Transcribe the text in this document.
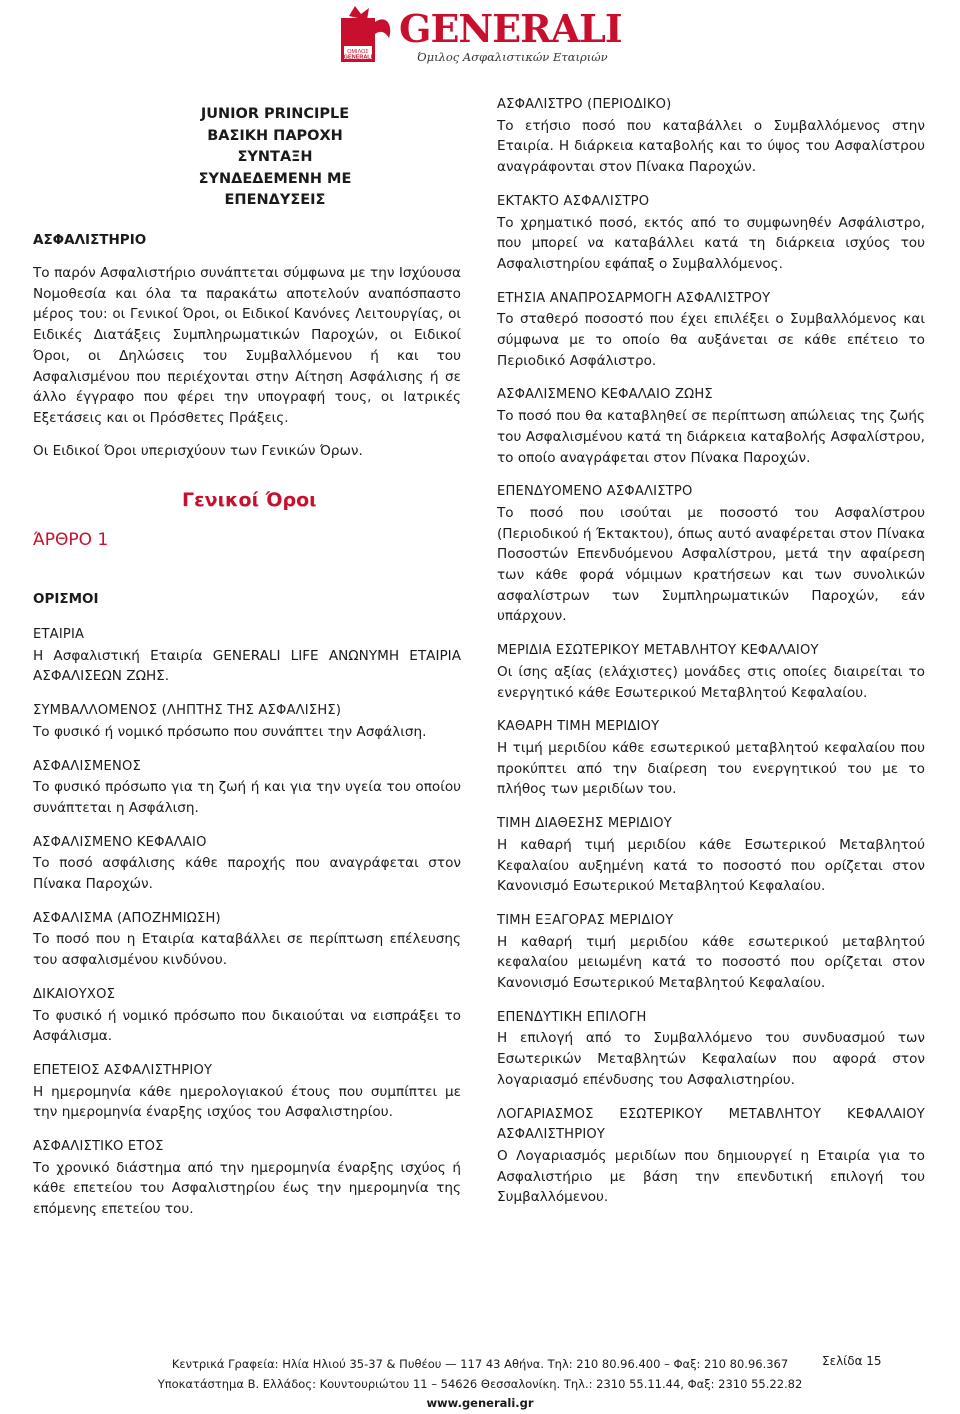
ΟΜΙΛΟΣ
GENERALI
GENERALI
Όμιλος Ασφαλιστικών Εταιριών
JUNIOR PRINCIPLE
ΒΑΣΙΚΗ ΠΑΡΟΧΗ
ΣΥΝΤΑΞΗ
ΣΥΝΔΕΔΕΜΕΝΗ ΜΕ ΕΠΕΝΔΥΣΕΙΣ
ΑΣΦΑΛΙΣΤΗΡΙΟ
Το παρόν Ασφαλιστήριο συνάπτεται σύμφωνα με την Ισχύουσα Νομοθεσία και όλα τα παρακάτω αποτελούν αναπόσπαστο μέρος του: οι Γενικοί Όροι, οι Ειδικοί Κανόνες Λειτουργίας, οι Ειδικές Διατάξεις Συμπληρωματικών Παροχών, οι Ειδικοί Όροι, οι Δηλώσεις του Συμβαλλόμενου ή και του Ασφαλισμένου που περιέχονται στην Αίτηση Ασφάλισης ή σε άλλο έγγραφο που φέρει την υπογραφή τους, οι Ιατρικές Εξετάσεις και οι Πρόσθετες Πράξεις.
Οι Ειδικοί Όροι υπερισχύουν των Γενικών Όρων.
Γενικοί Όροι
ΆΡΘΡΟ 1
ΟΡΙΣΜΟΙ
ΕΤΑΙΡΙΑ
Η Ασφαλιστική Εταιρία GENERALI LIFE ΑΝΩΝΥΜΗ ΕΤΑΙΡΙΑ ΑΣΦΑΛΙΣΕΩΝ ΖΩΗΣ.
ΣΥΜΒΑΛΛΟΜΕΝΟΣ (ΛΗΠΤΗΣ ΤΗΣ ΑΣΦΑΛΙΣΗΣ)
Το φυσικό ή νομικό πρόσωπο που συνάπτει την Ασφάλιση.
ΑΣΦΑΛΙΣΜΕΝΟΣ
Το φυσικό πρόσωπο για τη ζωή ή και για την υγεία του οποίου συνάπτεται η Ασφάλιση.
ΑΣΦΑΛΙΣΜΕΝΟ ΚΕΦΑΛΑΙΟ
Το ποσό ασφάλισης κάθε παροχής που αναγράφεται στον Πίνακα Παροχών.
ΑΣΦΑΛΙΣΜΑ (ΑΠΟΖΗΜΙΩΣΗ)
Το ποσό που η Εταιρία καταβάλλει σε περίπτωση επέλευσης του ασφαλισμένου κινδύνου.
ΔΙΚΑΙΟΥΧΟΣ
Το φυσικό ή νομικό πρόσωπο που δικαιούται να εισπράξει το Ασφάλισμα.
ΕΠΕΤΕΙΟΣ ΑΣΦΑΛΙΣΤΗΡΙΟΥ
Η ημερομηνία κάθε ημερολογιακού έτους που συμπίπτει με την ημερομηνία έναρξης ισχύος του Ασφαλιστηρίου.
ΑΣΦΑΛΙΣΤΙΚΟ ΕΤΟΣ
Το χρονικό διάστημα από την ημερομηνία έναρξης ισχύος ή κάθε επετείου του Ασφαλιστηρίου έως την ημερομηνία της επόμενης επετείου του.
ΑΣΦΑΛΙΣΤΡΟ (ΠΕΡΙΟΔΙΚΟ)
Το ετήσιο ποσό που καταβάλλει ο Συμβαλλόμενος στην Εταιρία. Η διάρκεια καταβολής και το ύψος του Ασφαλίστρου αναγράφονται στον Πίνακα Παροχών.
ΕΚΤΑΚΤΟ ΑΣΦΑΛΙΣΤΡΟ
Το χρηματικό ποσό, εκτός από το συμφωνηθέν Ασφάλιστρο, που μπορεί να καταβάλλει κατά τη διάρκεια ισχύος του Ασφαλιστηρίου εφάπαξ ο Συμβαλλόμενος.
ΕΤΗΣΙΑ ΑΝΑΠΡΟΣΑΡΜΟΓΗ ΑΣΦΑΛΙΣΤΡΟΥ
Το σταθερό ποσοστό που έχει επιλέξει ο Συμβαλλόμενος και σύμφωνα με το οποίο θα αυξάνεται σε κάθε επέτειο το Περιοδικό Ασφάλιστρο.
ΑΣΦΑΛΙΣΜΕΝΟ ΚΕΦΑΛΑΙΟ ΖΩΗΣ
Το ποσό που θα καταβληθεί σε περίπτωση απώλειας της ζωής του Ασφαλισμένου κατά τη διάρκεια καταβολής Ασφαλίστρου, το οποίο αναγράφεται στον Πίνακα Παροχών.
ΕΠΕΝΔΥΟΜΕΝΟ ΑΣΦΑΛΙΣΤΡΟ
Το ποσό που ισούται με ποσοστό του Ασφαλίστρου (Περιοδικού ή Έκτακτου), όπως αυτό αναφέρεται στον Πίνακα Ποσοστών Επενδυόμενου Ασφαλίστρου, μετά την αφαίρεση των κάθε φορά νόμιμων κρατήσεων και των συνολικών ασφαλίστρων των Συμπληρωματικών Παροχών, εάν υπάρχουν.
ΜΕΡΙΔΙΑ ΕΣΩΤΕΡΙΚΟΥ ΜΕΤΑΒΛΗΤΟΥ ΚΕΦΑΛΑΙΟΥ
Οι ίσης αξίας (ελάχιστες) μονάδες στις οποίες διαιρείται το ενεργητικό κάθε Εσωτερικού Μεταβλητού Κεφαλαίου.
ΚΑΘΑΡΗ ΤΙΜΗ ΜΕΡΙΔΙΟΥ
Η τιμή μεριδίου κάθε εσωτερικού μεταβλητού κεφαλαίου που προκύπτει από την διαίρεση του ενεργητικού του με το πλήθος των μεριδίων του.
ΤΙΜΗ ΔΙΑΘΕΣΗΣ ΜΕΡΙΔΙΟΥ
Η καθαρή τιμή μεριδίου κάθε Εσωτερικού Μεταβλητού Κεφαλαίου αυξημένη κατά το ποσοστό που ορίζεται στον Κανονισμό Εσωτερικού Μεταβλητού Κεφαλαίου.
ΤΙΜΗ ΕΞΑΓΟΡΑΣ ΜΕΡΙΔΙΟΥ
Η καθαρή τιμή μεριδίου κάθε εσωτερικού μεταβλητού κεφαλαίου μειωμένη κατά το ποσοστό που ορίζεται στον Κανονισμό Εσωτερικού Μεταβλητού Κεφαλαίου.
ΕΠΕΝΔΥΤΙΚΗ ΕΠΙΛΟΓΗ
Η επιλογή από το Συμβαλλόμενο του συνδυασμού των Εσωτερικών Μεταβλητών Κεφαλαίων που αφορά στον λογαριασμό επένδυσης του Ασφαλιστηρίου.
ΛΟΓΑΡΙΑΣΜΟΣ ΕΣΩΤΕΡΙΚΟΥ ΜΕΤΑΒΛΗΤΟΥ ΚΕΦΑΛΑΙΟΥ ΑΣΦΑΛΙΣΤΗΡΙΟΥ
Ο Λογαριασμός μεριδίων που δημιουργεί η Εταιρία για το Ασφαλιστήριο με βάση την επενδυτική επιλογή του Συμβαλλόμενου.
Σελίδα 15
Κεντρικά Γραφεία: Ηλία Ηλιού 35-37 & Πυθέου — 117 43 Αθήνα. Τηλ: 210 80.96.400 – Φαξ: 210 80.96.367
Υποκατάστημα Β. Ελλάδος: Κουντουριώτου 11 – 54626 Θεσσαλονίκη. Τηλ.: 2310 55.11.44, Φαξ: 2310 55.22.82
www.generali.gr
